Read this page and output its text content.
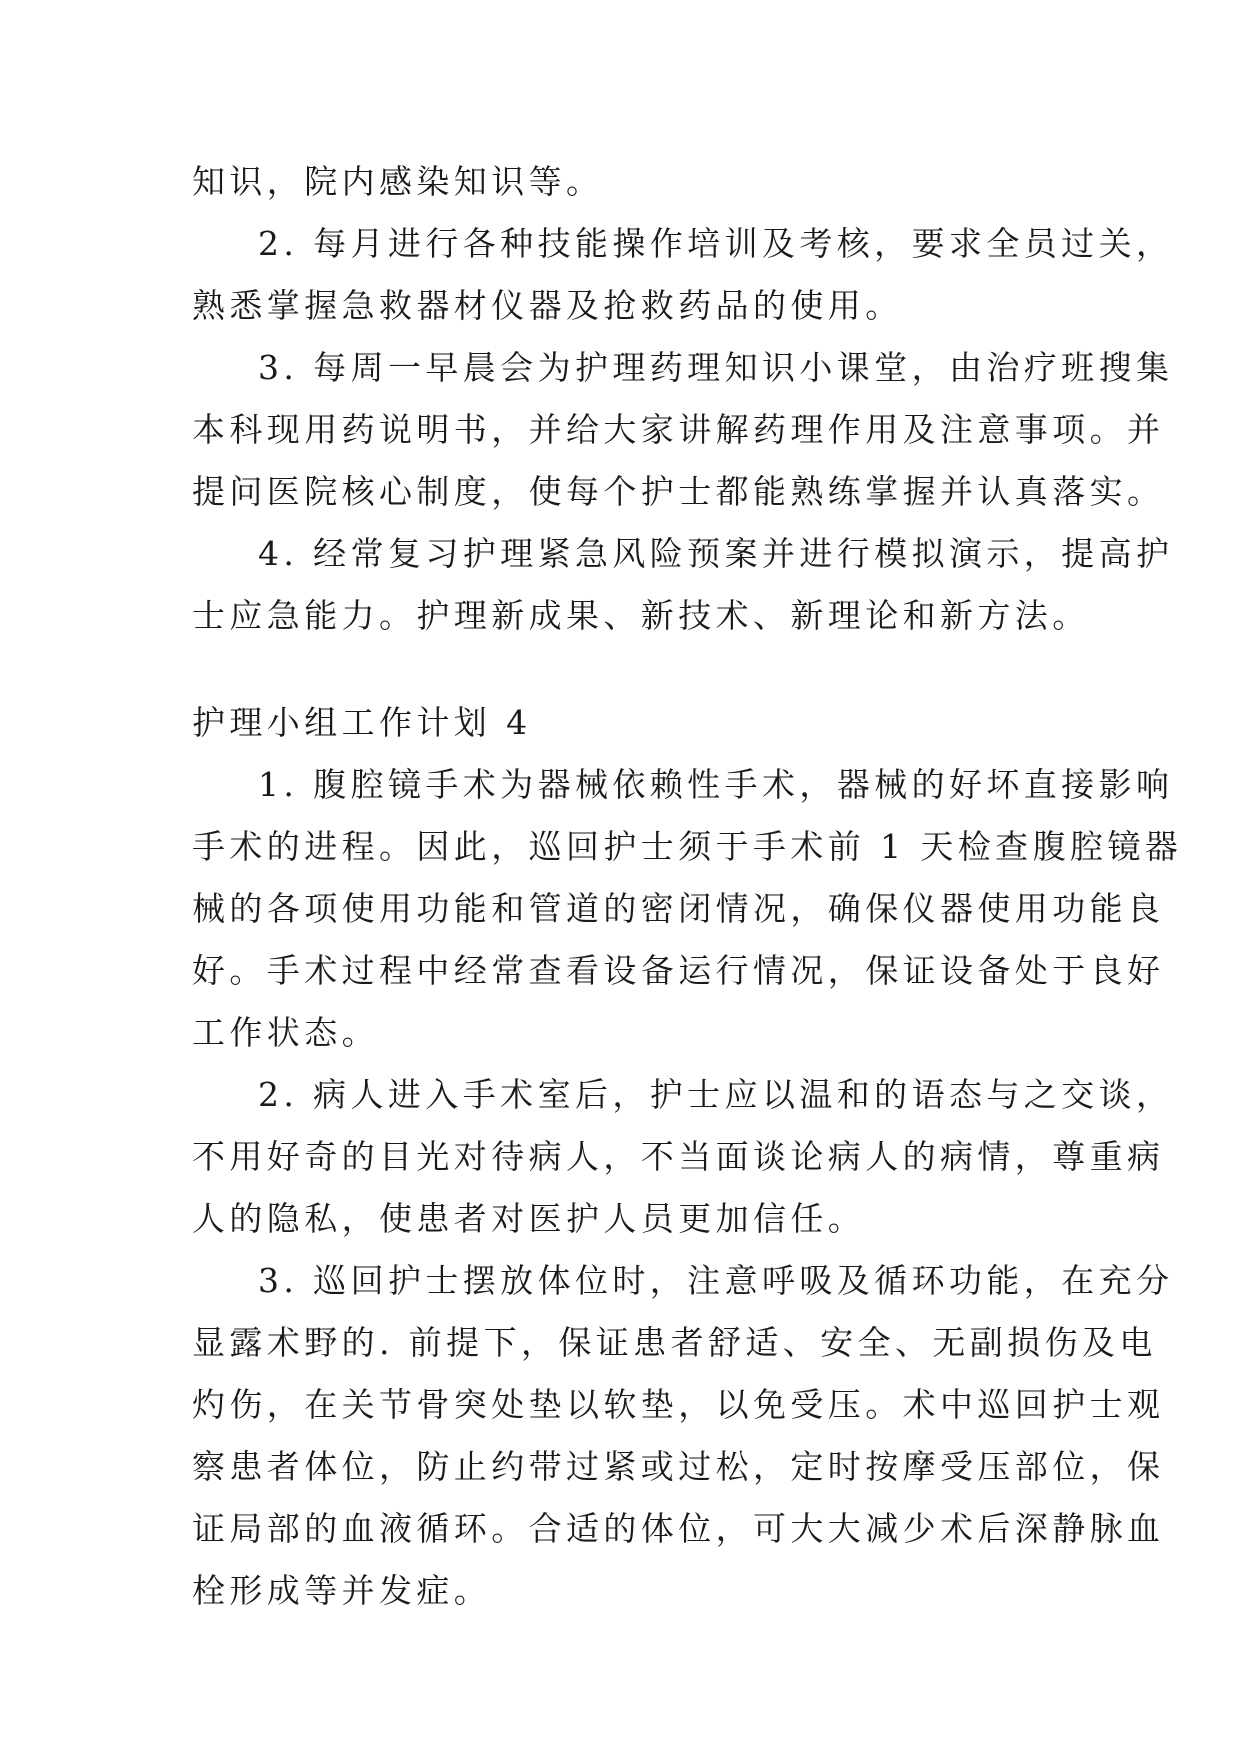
知识，院内感染知识等。
2. 每月进行各种技能操作培训及考核，要求全员过关，
熟悉掌握急救器材仪器及抢救药品的使用。
3. 每周一早晨会为护理药理知识小课堂，由治疗班搜集
本科现用药说明书，并给大家讲解药理作用及注意事项。并
提问医院核心制度，使每个护士都能熟练掌握并认真落实。
4. 经常复习护理紧急风险预案并进行模拟演示，提高护
士应急能力。护理新成果、新技术、新理论和新方法。
护理小组工作计划 4
1. 腹腔镜手术为器械依赖性手术，器械的好坏直接影响
手术的进程。因此，巡回护士须于手术前 1 天检查腹腔镜器
械的各项使用功能和管道的密闭情况，确保仪器使用功能良
好。手术过程中经常查看设备运行情况，保证设备处于良好
工作状态。
2. 病人进入手术室后，护士应以温和的语态与之交谈，
不用好奇的目光对待病人，不当面谈论病人的病情，尊重病
人的隐私，使患者对医护人员更加信任。
3. 巡回护士摆放体位时，注意呼吸及循环功能，在充分
显露术野的. 前提下，保证患者舒适、安全、无副损伤及电
灼伤，在关节骨突处垫以软垫，以免受压。术中巡回护士观
察患者体位，防止约带过紧或过松，定时按摩受压部位，保
证局部的血液循环。合适的体位，可大大减少术后深静脉血
栓形成等并发症。
